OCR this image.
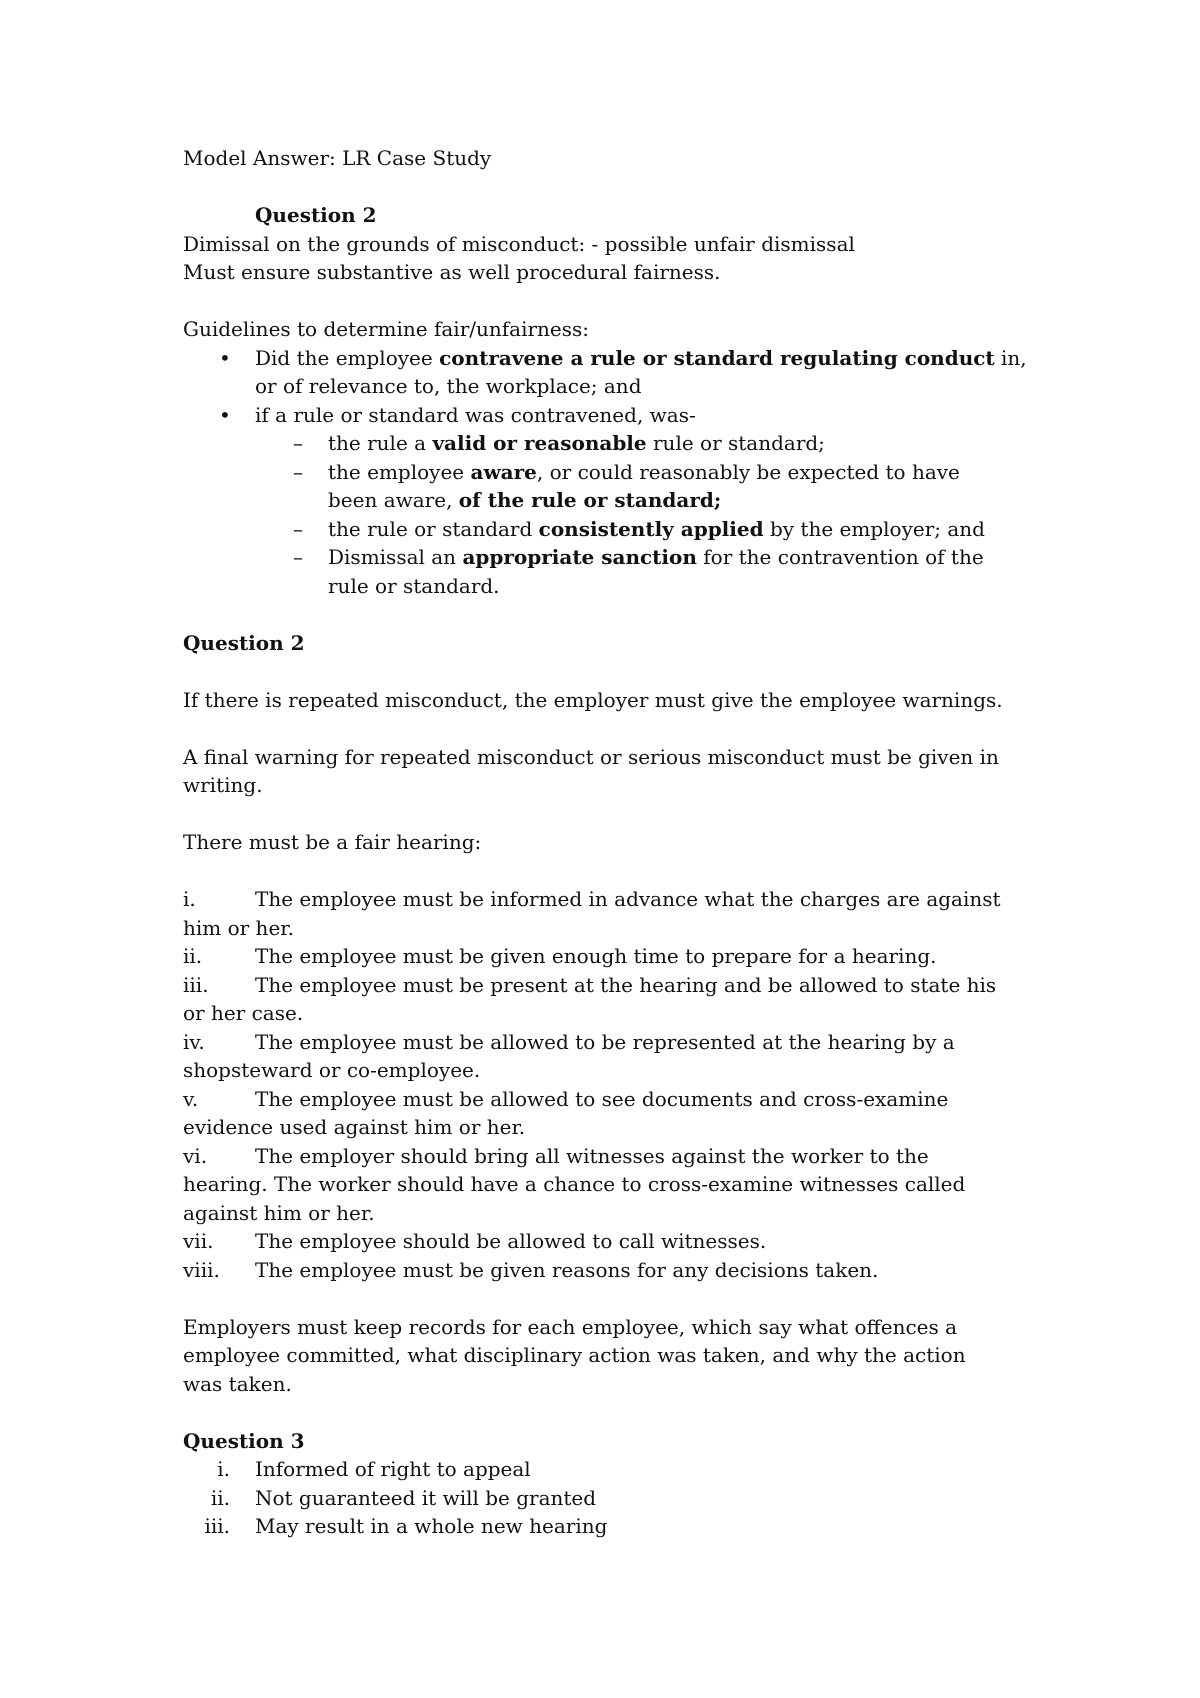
Model Answer: LR Case Study

Question 2

Dimissal on the grounds of misconduct: - possible unfair dismissal

Must ensure substantive as well procedural fairness.

Guidelines to determine fair/unfairness:

• Did the employee contravene a rule or standard regulating conduct in,

or of relevance to, the workplace; and

• if a rule or standard was contravened, was-

– the rule a valid or reasonable rule or standard;

– the employee aware, or could reasonably be expected to have

been aware, of the rule or standard;

– the rule or standard consistently applied by the employer; and

– Dismissal an appropriate sanction for the contravention of the

rule or standard.

Question 2

If there is repeated misconduct, the employer must give the employee warnings.

A final warning for repeated misconduct or serious misconduct must be given in

writing.

There must be a fair hearing:

i.	The employee must be informed in advance what the charges are against

him or her.

ii.	The employee must be given enough time to prepare for a hearing.

iii. The employee must be present at the hearing and be allowed to state his

or her case.

iv.	The employee must be allowed to be represented at the hearing by a

shopsteward or co-employee.

v.	The employee must be allowed to see documents and cross-examine

evidence used against him or her.

vi. The employer should bring all witnesses against the worker to the

hearing. The worker should have a chance to cross-examine witnesses called

against him or her.

vii. The employee should be allowed to call witnesses.

viii. The employee must be given reasons for any decisions taken.

Employers must keep records for each employee, which say what offences a

employee committed, what disciplinary action was taken, and why the action

was taken.

Question 3

i. Informed of right to appeal

ii. Not guaranteed it will be granted

iii. May result in a whole new hearing
